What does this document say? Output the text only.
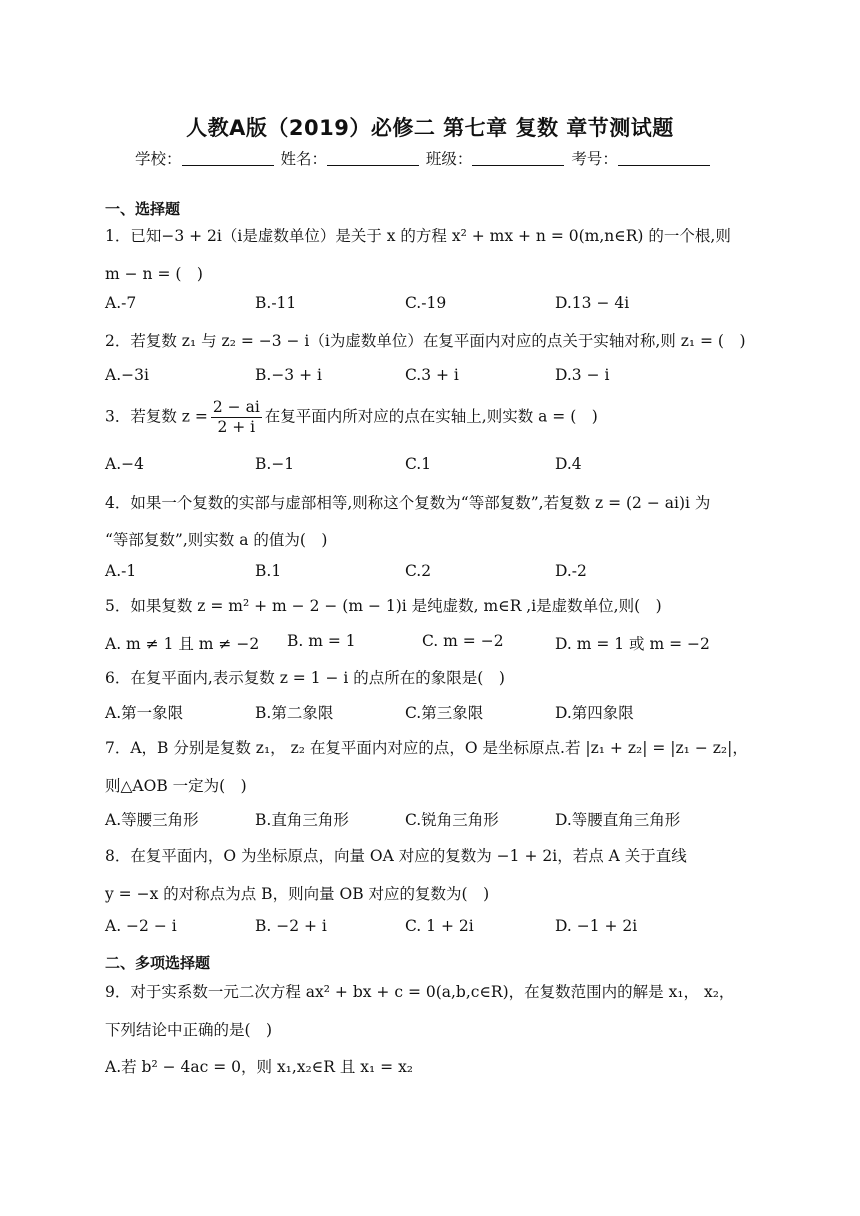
人教A版（2019）必修二 第七章 复数 章节测试题
学校：	姓名：	班级：	考号：
一、选择题
1．已知−3 + 2i（i是虚数单位）是关于 x 的方程 x² + mx + n = 0(m,n∈R) 的一个根,则
m − n = (　)
A.-7	B.-11	C.-19	D.13 − 4i
2．若复数 z₁ 与 z₂ = −3 − i（i为虚数单位）在复平面内对应的点关于实轴对称,则 z₁ = (　)
A.−3i	B.−3 + i	C.3 + i	D.3 − i
3．若复数 $z = \frac{2 - ai}{2 + i}$ 在复平面内所对应的点在实轴上,则实数 a = (　)
A.−4	B.−1	C.1	D.4
4．如果一个复数的实部与虚部相等,则称这个复数为“等部复数”,若复数 z = (2 − ai)i 为
“等部复数”,则实数 a 的值为(　)
A.-1	B.1	C.2	D.-2
5．如果复数 z = m² + m − 2 − (m − 1)i 是纯虚数, m∈R ,i是虚数单位,则(　)
A. m ≠ 1 且 m ≠ −2 B. m = 1	C. m = −2	D. m = 1 或 m = −2
6．在复平面内,表示复数 z = 1 − i 的点所在的象限是(　)
A.第一象限	B.第二象限	C.第三象限	D.第四象限
7．A，B 分别是复数 z₁， z₂ 在复平面内对应的点，O 是坐标原点.若 |z₁ + z₂| = |z₁ − z₂|，
则△AOB 一定为(　)
A.等腰三角形	B.直角三角形	C.锐角三角形	D.等腰直角三角形
8．在复平面内，O 为坐标原点，向量 OA 对应的复数为 −1 + 2i，若点 A 关于直线
y = −x 的对称点为点 B，则向量 OB 对应的复数为(　)
A. −2 − i	B. −2 + i	C. 1 + 2i	D. −1 + 2i
二、多项选择题
9．对于实系数一元二次方程 ax² + bx + c = 0(a,b,c∈R)，在复数范围内的解是 x₁， x₂，
下列结论中正确的是(　)
A.若 b² − 4ac = 0，则 x₁,x₂∈R 且 x₁ = x₂
